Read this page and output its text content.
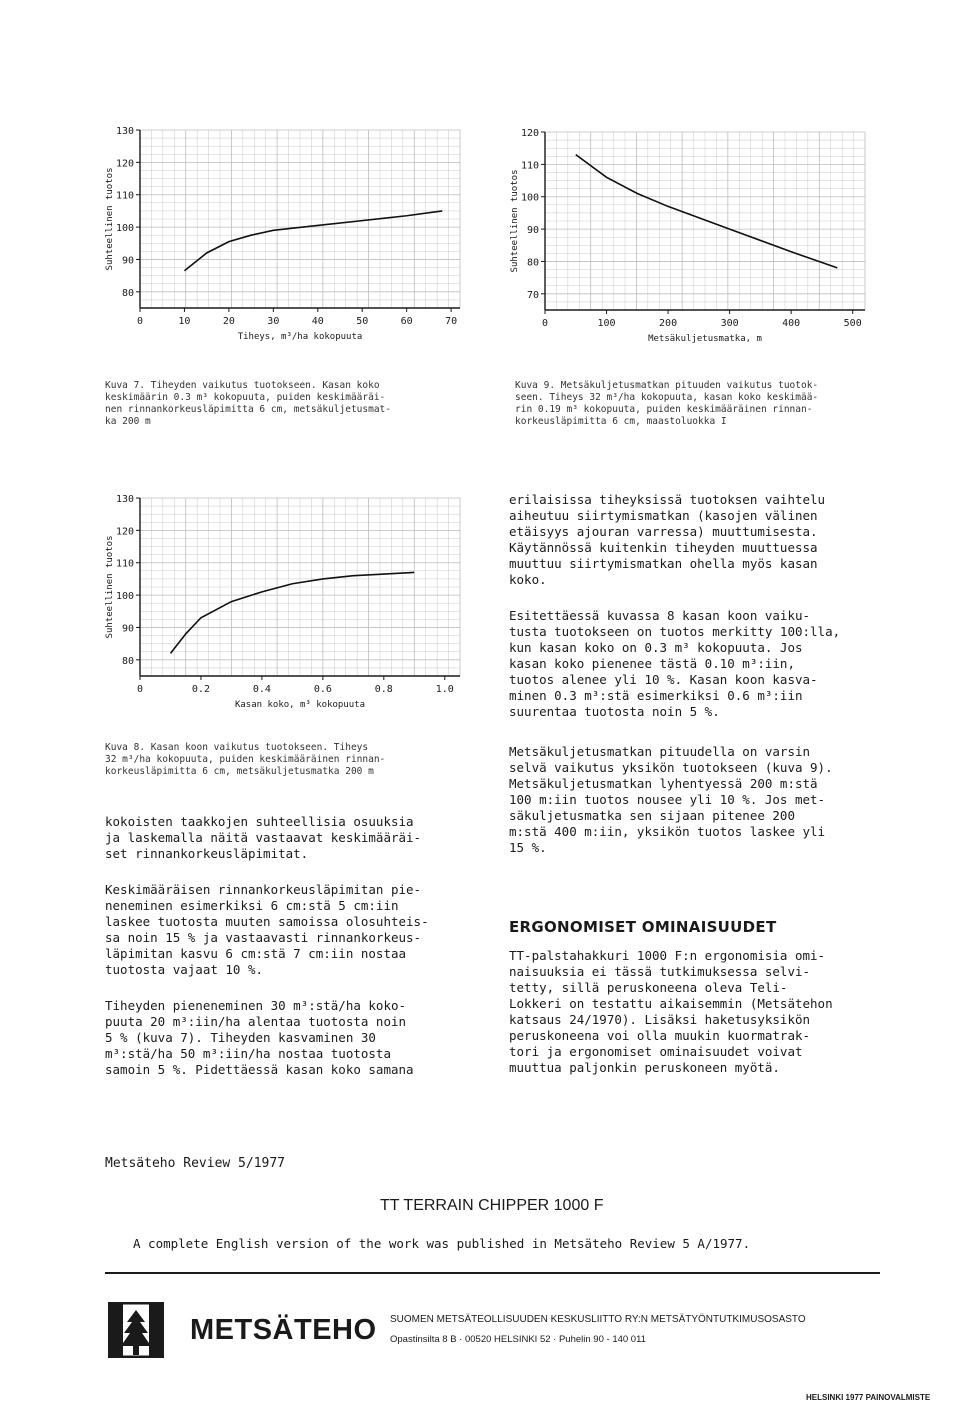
80
90
100
110
120
130
0	10	20	30	40	50	60	70
Tiheys, m³/ha kokopuuta
Suhteellinen tuotos
70
80
90
100
110
120
0	100	200	300	400	500
Metsäkuljetusmatka, m
Suhteellinen tuotos
80
90
100
110
120
130
0	0.2	0.4	0.6	0.8	1.0
Kasan koko, m³ kokopuuta
Suhteellinen tuotos
Kuva 7. Tiheyden vaikutus tuotokseen. Kasan koko
keskimäärin 0.3 m³ kokopuuta, puiden keskimääräi-
nen rinnankorkeusläpimitta 6 cm, metsäkuljetusmat-
ka 200 m
Kuva 9. Metsäkuljetusmatkan pituuden vaikutus tuotok-
seen. Tiheys 32 m³/ha kokopuuta, kasan koko keskimää-
rin 0.19 m³ kokopuuta, puiden keskimääräinen rinnan-
korkeusläpimitta 6 cm, maastoluokka I
Kuva 8. Kasan koon vaikutus tuotokseen. Tiheys
32 m³/ha kokopuuta, puiden keskimääräinen rinnan-
korkeusläpimitta 6 cm, metsäkuljetusmatka 200 m
kokoisten taakkojen suhteellisia osuuksia
ja laskemalla näitä vastaavat keskimääräi-
set rinnankorkeusläpimitat.
Keskimääräisen rinnankorkeusläpimitan pie-
neneminen esimerkiksi 6 cm:stä 5 cm:iin
laskee tuotosta muuten samoissa olosuhteis-
sa noin 15 % ja vastaavasti rinnankorkeus-
läpimitan kasvu 6 cm:stä 7 cm:iin nostaa
tuotosta vajaat 10 %.
Tiheyden pieneneminen 30 m³:stä/ha koko-
puuta 20 m³:iin/ha alentaa tuotosta noin
5 % (kuva 7). Tiheyden kasvaminen 30
m³:stä/ha 50 m³:iin/ha nostaa tuotosta
samoin 5 %. Pidettäessä kasan koko samana
erilaisissa tiheyksissä tuotoksen vaihtelu
aiheutuu siirtymismatkan (kasojen välinen
etäisyys ajouran varressa) muuttumisesta.
Käytännössä kuitenkin tiheyden muuttuessa
muuttuu siirtymismatkan ohella myös kasan
koko.
Esitettäessä kuvassa 8 kasan koon vaiku-
tusta tuotokseen on tuotos merkitty 100:lla,
kun kasan koko on 0.3 m³ kokopuuta. Jos
kasan koko pienenee tästä 0.10 m³:iin,
tuotos alenee yli 10 %. Kasan koon kasva-
minen 0.3 m³:stä esimerkiksi 0.6 m³:iin
suurentaa tuotosta noin 5 %.
Metsäkuljetusmatkan pituudella on varsin
selvä vaikutus yksikön tuotokseen (kuva 9).
Metsäkuljetusmatkan lyhentyessä 200 m:stä
100 m:iin tuotos nousee yli 10 %. Jos met-
säkuljetusmatka sen sijaan pitenee 200
m:stä 400 m:iin, yksikön tuotos laskee yli
15 %.
ERGONOMISET OMINAISUUDET
TT-palstahakkuri 1000 F:n ergonomisia omi-
naisuuksia ei tässä tutkimuksessa selvi-
tetty, sillä peruskoneena oleva Teli-
Lokkeri on testattu aikaisemmin (Metsätehon
katsaus 24/1970). Lisäksi haketusyksikön
peruskoneena voi olla muukin kuormatrak-
tori ja ergonomiset ominaisuudet voivat
muuttua paljonkin peruskoneen myötä.
Metsäteho Review 5/1977
TT TERRAIN CHIPPER 1000 F
A complete English version of the work was published in Metsäteho Review 5 A/1977.
METSÄTEHO SUOMEN METSÄTEOLLISUUDEN KESKUSLIITTO RY:N METSÄTYÖNTUTKIMUSOSASTO
Opastinsilta 8 B · 00520 HELSINKI 52 · Puhelin 90 - 140 011
HELSINKI 1977 PAINOVALMISTE
